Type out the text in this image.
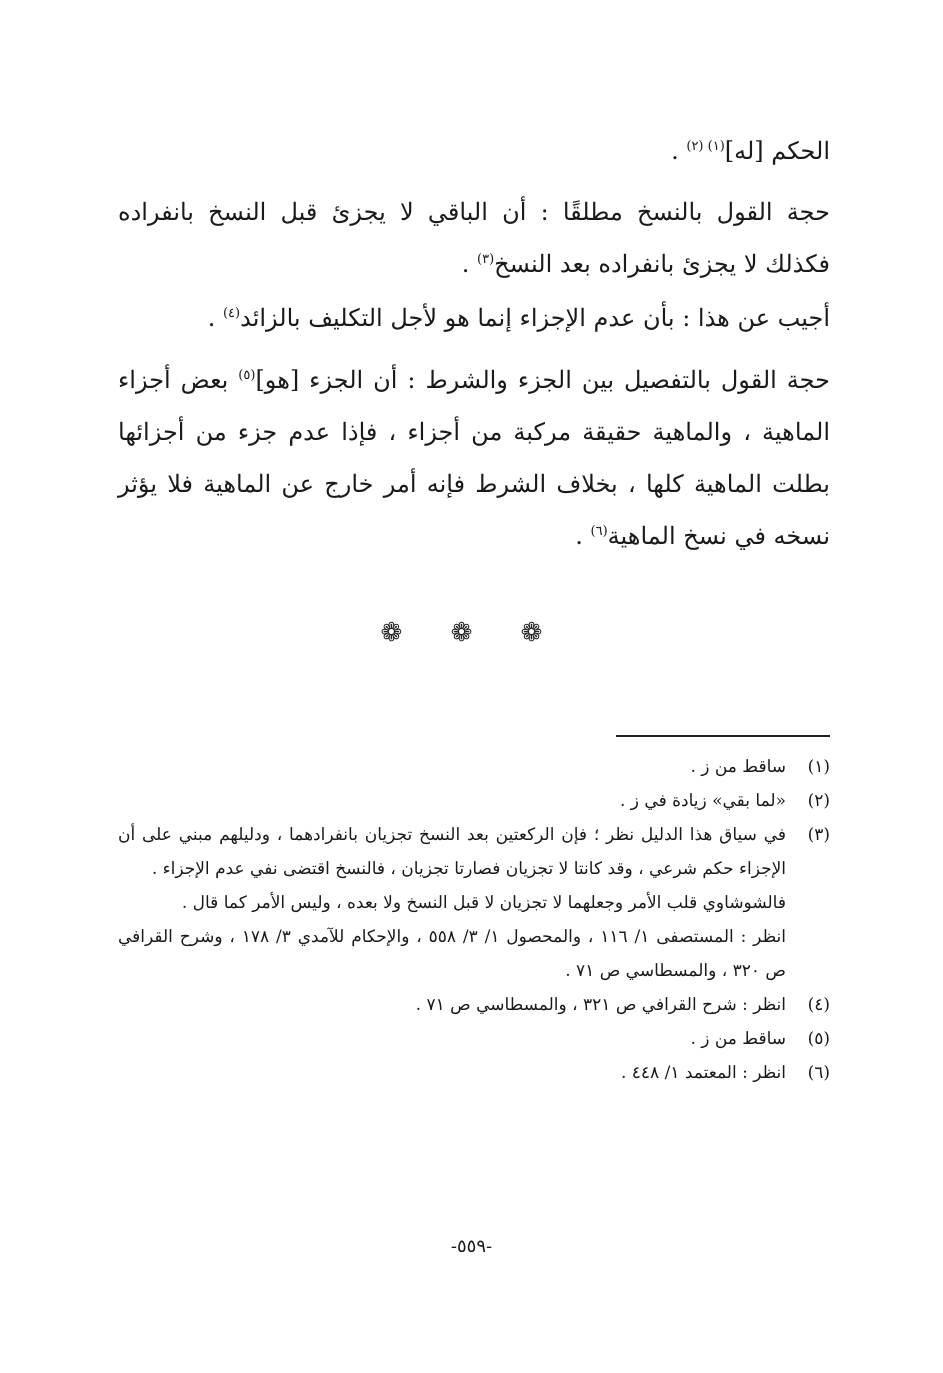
الحكم [له]$^{(١) (٢)}$ .
حجة القول بالنسخ مطلقًا : أن الباقي لا يجزئ قبل النسخ بانفراده فكذلك لا يجزئ بانفراده بعد النسخ$^{(٣)}$ .
أجيب عن هذا : بأن عدم الإجزاء إنما هو لأجل التكليف بالزائد$^{(٤)}$ .
حجة القول بالتفصيل بين الجزء والشرط : أن الجزء [هو]$^{(٥)}$ بعض أجزاء الماهية ، والماهية حقيقة مركبة من أجزاء ، فإذا عدم جزء من أجزائها بطلت الماهية كلها ، بخلاف الشرط فإنه أمر خارج عن الماهية فلا يؤثر نسخه في نسخ الماهية$^{(٦)}$ .
❁ ❁ ❁
(١)

ساقط من ز .

(٢)

«لما بقي» زيادة في ز .

(٣)

في سياق هذا الدليل نظر ؛ فإن الركعتين بعد النسخ تجزيان بانفرادهما ، ودليلهم مبني على أن الإجزاء حكم شرعي ، وقد كانتا لا تجزيان فصارتا تجزيان ، فالنسخ اقتضى نفي عدم الإجزاء .

فالشوشاوي قلب الأمر وجعلهما لا تجزيان لا قبل النسخ ولا بعده ، وليس الأمر كما قال .

انظر : المستصفى ١/ ١١٦ ، والمحصول ١/ ٣/ ٥٥٨ ، والإحكام للآمدي ٣/ ١٧٨ ، وشرح القرافي ص ٣٢٠ ، والمسطاسي ص ٧١ .

(٤)

انظر : شرح القرافي ص ٣٢١ ، والمسطاسي ص ٧١ .

(٥)

ساقط من ز .

(٦)

انظر : المعتمد ١/ ٤٤٨ .

-٥٥٩-
